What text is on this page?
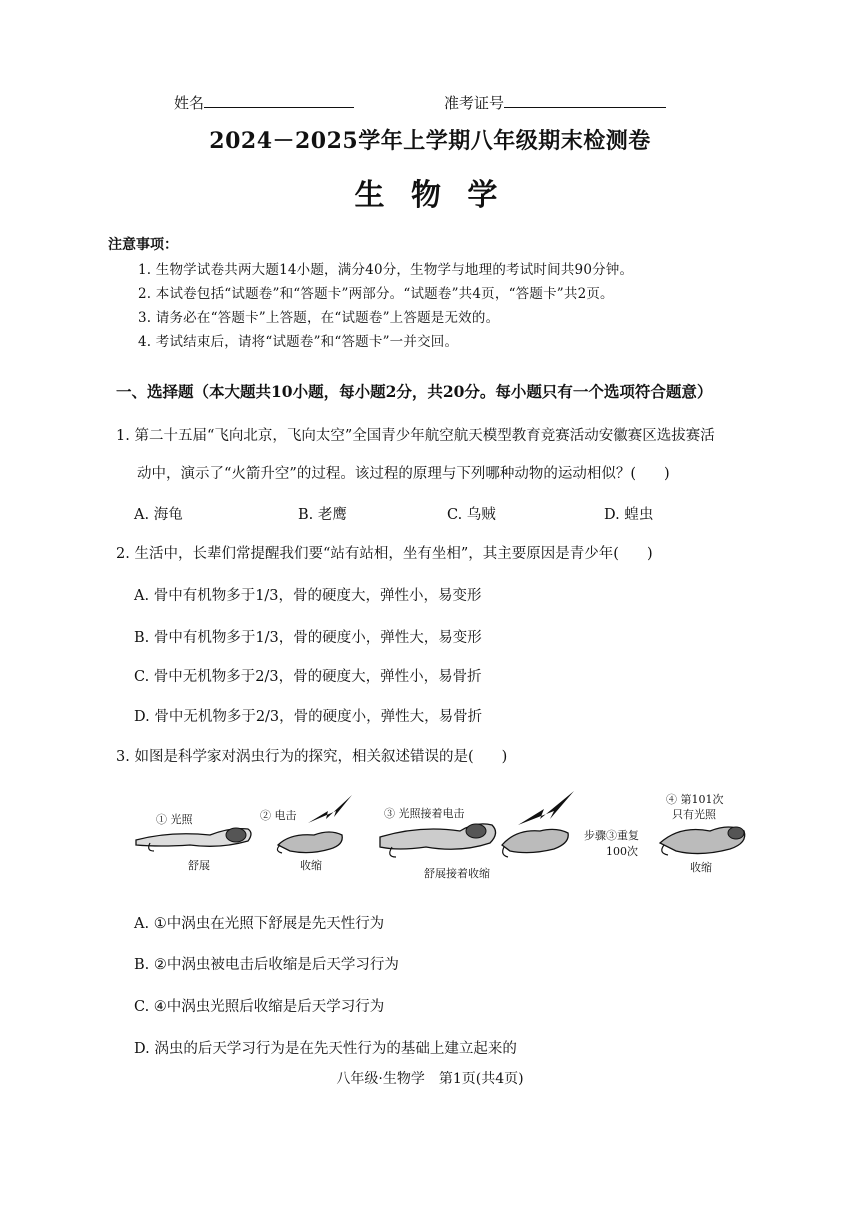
姓名	准考证号
2024－2025学年上学期八年级期末检测卷
生 物 学
注意事项：
1. 生物学试卷共两大题14小题，满分40分，生物学与地理的考试时间共90分钟。
2. 本试卷包括“试题卷”和“答题卡”两部分。“试题卷”共4页，“答题卡”共2页。
3. 请务必在“答题卡”上答题，在“试题卷”上答题是无效的。
4. 考试结束后，请将“试题卷”和“答题卡”一并交回。
一、选择题（本大题共10小题，每小题2分，共20分。每小题只有一个选项符合题意）
1. 第二十五届“飞向北京，飞向太空”全国青少年航空航天模型教育竞赛活动安徽赛区选拔赛活
动中，演示了“火箭升空”的过程。该过程的原理与下列哪种动物的运动相似？( )
A. 海龟	B. 老鹰	C. 乌贼	D. 蝗虫
2. 生活中，长辈们常提醒我们要“站有站相，坐有坐相”，其主要原因是青少年( )
A. 骨中有机物多于1/3，骨的硬度大，弹性小，易变形
B. 骨中有机物多于1/3，骨的硬度小，弹性大，易变形
C. 骨中无机物多于2/3，骨的硬度大，弹性小，易骨折
D. 骨中无机物多于2/3，骨的硬度小，弹性大，易骨折
3. 如图是科学家对涡虫行为的探究，相关叙述错误的是( )
① 光照
舒展
② 电击
收缩
③ 光照接着电击
舒展接着收缩
步骤③重复
100次
④ 第101次
只有光照
收缩
A. ①中涡虫在光照下舒展是先天性行为
B. ②中涡虫被电击后收缩是后天学习行为
C. ④中涡虫光照后收缩是后天学习行为
D. 涡虫的后天学习行为是在先天性行为的基础上建立起来的
八年级·生物学 第1页(共4页)
